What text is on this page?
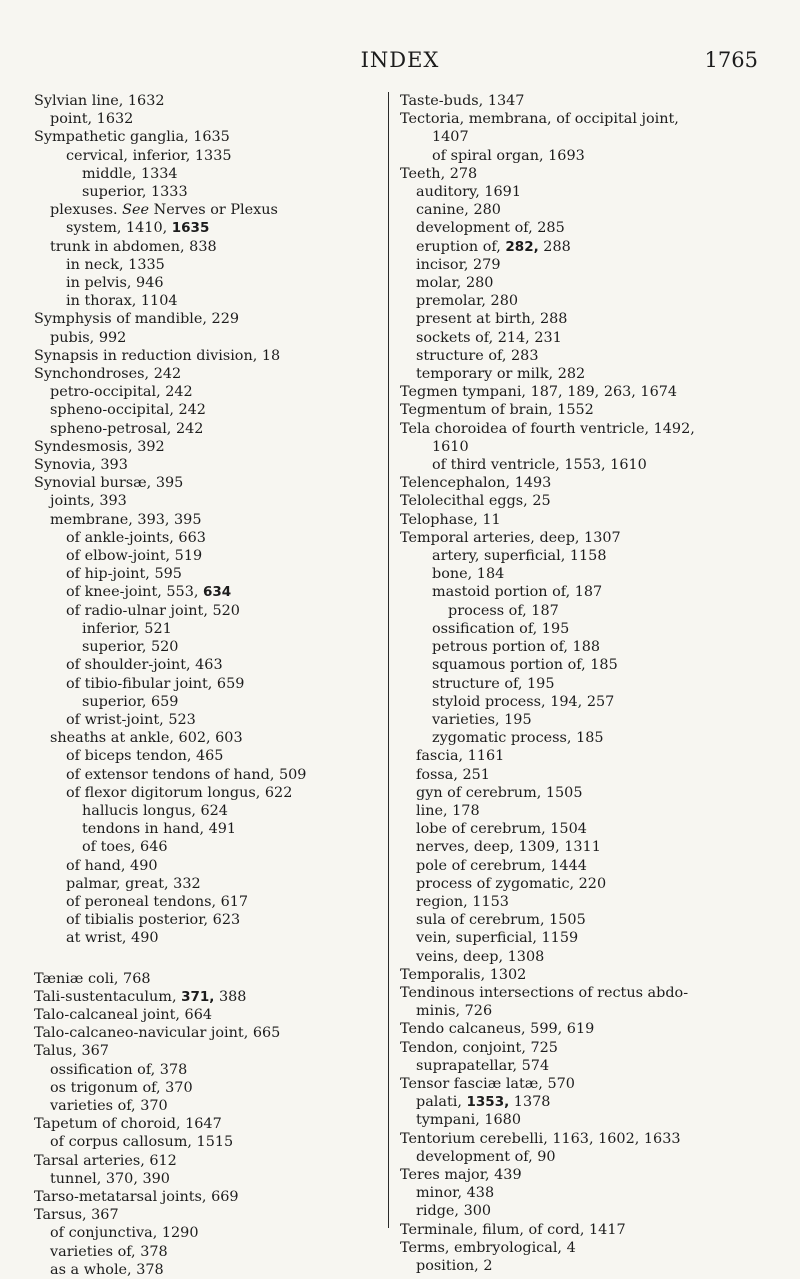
INDEX	1765
Sylvian line, 1632
point, 1632
Sympathetic ganglia, 1635
cervical, inferior, 1335
middle, 1334
superior, 1333
plexuses. See Nerves or Plexus
system, 1410, 1635
trunk in abdomen, 838
in neck, 1335
in pelvis, 946
in thorax, 1104
Symphysis of mandible, 229
pubis, 992
Synapsis in reduction division, 18
Synchondroses, 242
petro-occipital, 242
spheno-occipital, 242
spheno-petrosal, 242
Syndesmosis, 392
Synovia, 393
Synovial bursæ, 395
joints, 393
membrane, 393, 395
of ankle-joints, 663
of elbow-joint, 519
of hip-joint, 595
of knee-joint, 553, 634
of radio-ulnar joint, 520
inferior, 521
superior, 520
of shoulder-joint, 463
of tibio-fibular joint, 659
superior, 659
of wrist-joint, 523
sheaths at ankle, 602, 603
of biceps tendon, 465
of extensor tendons of hand, 509
of flexor digitorum longus, 622
hallucis longus, 624
tendons in hand, 491
of toes, 646
of hand, 490
palmar, great, 332
of peroneal tendons, 617
of tibialis posterior, 623
at wrist, 490
Tæniæ coli, 768
Tali-sustentaculum, 371, 388
Talo-calcaneal joint, 664
Talo-calcaneo-navicular joint, 665
Talus, 367
ossification of, 378
os trigonum of, 370
varieties of, 370
Tapetum of choroid, 1647
of corpus callosum, 1515
Tarsal arteries, 612
tunnel, 370, 390
Tarso-metatarsal joints, 669
Tarsus, 367
of conjunctiva, 1290
varieties of, 378
as a whole, 378
Taste-buds, 1347
Tectoria, membrana, of occipital joint,
1407
of spiral organ, 1693
Teeth, 278
auditory, 1691
canine, 280
development of, 285
eruption of, 282, 288
incisor, 279
molar, 280
premolar, 280
present at birth, 288
sockets of, 214, 231
structure of, 283
temporary or milk, 282
Tegmen tympani, 187, 189, 263, 1674
Tegmentum of brain, 1552
Tela choroidea of fourth ventricle, 1492,
1610
of third ventricle, 1553, 1610
Telencephalon, 1493
Telolecithal eggs, 25
Telophase, 11
Temporal arteries, deep, 1307
artery, superficial, 1158
bone, 184
mastoid portion of, 187
process of, 187
ossification of, 195
petrous portion of, 188
squamous portion of, 185
structure of, 195
styloid process, 194, 257
varieties, 195
zygomatic process, 185
fascia, 1161
fossa, 251
gyn of cerebrum, 1505
line, 178
lobe of cerebrum, 1504
nerves, deep, 1309, 1311
pole of cerebrum, 1444
process of zygomatic, 220
region, 1153
sula of cerebrum, 1505
vein, superficial, 1159
veins, deep, 1308
Temporalis, 1302
Tendinous intersections of rectus abdo-
minis, 726
Tendo calcaneus, 599, 619
Tendon, conjoint, 725
suprapatellar, 574
Tensor fasciæ latæ, 570
palati, 1353, 1378
tympani, 1680
Tentorium cerebelli, 1163, 1602, 1633
development of, 90
Teres major, 439
minor, 438
ridge, 300
Terminale, filum, of cord, 1417
Terms, embryological, 4
position, 2
